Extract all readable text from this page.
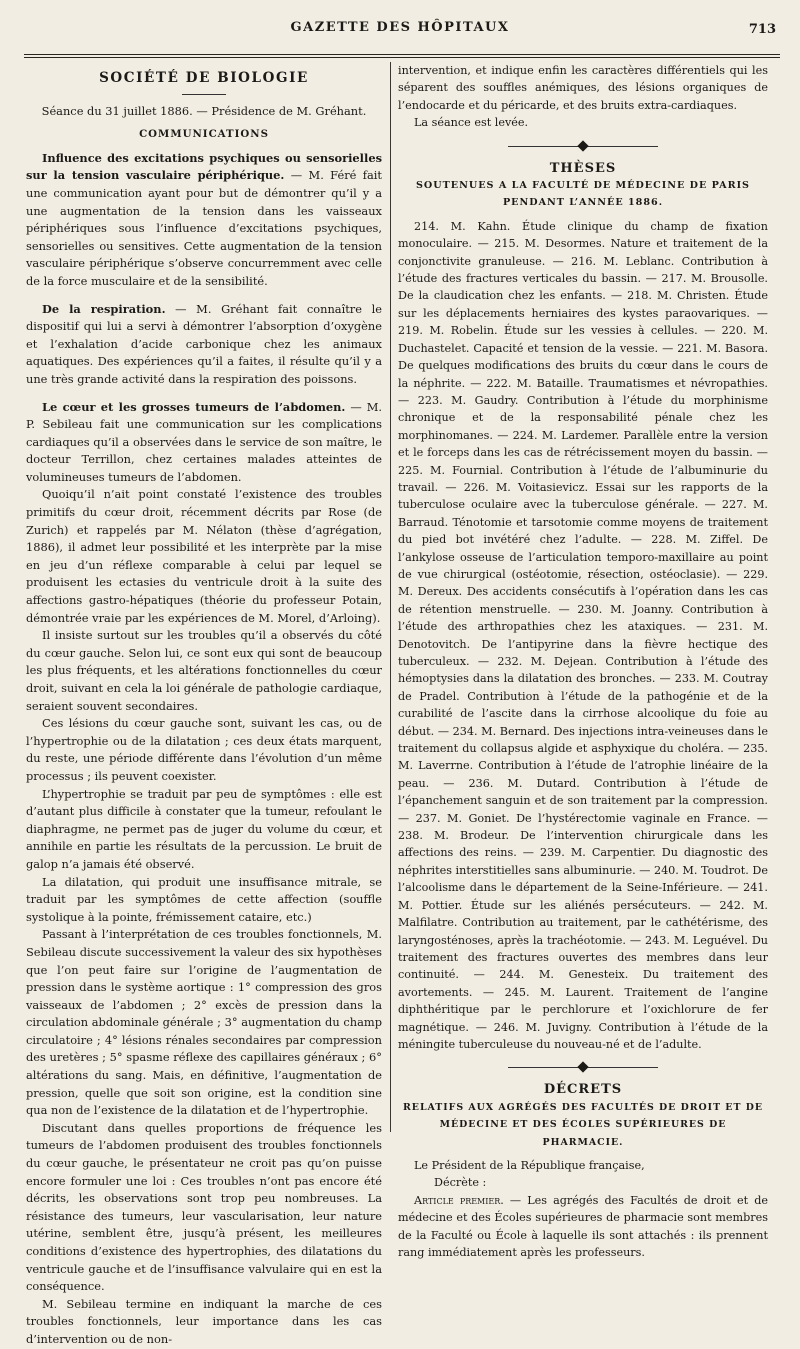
GAZETTE DES HÔPITAUX	713
SOCIÉTÉ DE BIOLOGIE

Séance du 31 juillet 1886. — Présidence de M. Gréhant.

COMMUNICATIONS

Influence des excitations psychiques ou sensorielles sur la tension vasculaire périphérique. — M. Féré fait une communication ayant pour but de démontrer qu’il y a une augmentation de la tension dans les vaisseaux périphériques sous l’influence d’excitations psychiques, sensorielles ou sensitives. Cette augmentation de la tension vasculaire périphérique s’observe concurremment avec celle de la force musculaire et de la sensibilité.

De la respiration. — M. Gréhant fait connaître le dispositif qui lui a servi à démontrer l’absorption d’oxygène et l’exhalation d’acide carbonique chez les animaux aquatiques. Des expériences qu’il a faites, il résulte qu’il y a une très grande activité dans la respiration des poissons.

Le cœur et les grosses tumeurs de l’abdomen. — M. P. Sebileau fait une communication sur les complications cardiaques qu’il a observées dans le service de son maître, le docteur Terrillon, chez certaines malades atteintes de volumineuses tumeurs de l’abdomen.

Quoiqu’il n’ait point constaté l’existence des troubles primitifs du cœur droit, récemment décrits par Rose (de Zurich) et rappelés par M. Nélaton (thèse d’agrégation, 1886), il admet leur possibilité et les interprète par la mise en jeu d’un réflexe comparable à celui par lequel se produisent les ectasies du ventricule droit à la suite des affections gastro-hépatiques (théorie du professeur Potain, démontrée vraie par les expériences de M. Morel, d’Arloing).

Il insiste surtout sur les troubles qu’il a observés du côté du cœur gauche. Selon lui, ce sont eux qui sont de beaucoup les plus fréquents, et les altérations fonctionnelles du cœur droit, suivant en cela la loi générale de pathologie cardiaque, seraient souvent secondaires.

Ces lésions du cœur gauche sont, suivant les cas, ou de l’hypertrophie ou de la dilatation ; ces deux états marquent, du reste, une période différente dans l’évolution d’un même processus ; ils peuvent coexister.

L’hypertrophie se traduit par peu de symptômes : elle est d’autant plus difficile à constater que la tumeur, refoulant le diaphragme, ne permet pas de juger du volume du cœur, et annihile en partie les résultats de la percussion. Le bruit de galop n’a jamais été observé.

La dilatation, qui produit une insuffisance mitrale, se traduit par les symptômes de cette affection (souffle systolique à la pointe, frémissement cataire, etc.)

Passant à l’interprétation de ces troubles fonctionnels, M. Sebileau discute successivement la valeur des six hypothèses que l’on peut faire sur l’origine de l’augmentation de pression dans le système aortique : 1° compression des gros vaisseaux de l’abdomen ; 2° excès de pression dans la circulation abdominale générale ; 3° augmentation du champ circulatoire ; 4° lésions rénales secondaires par compression des uretères ; 5° spasme réflexe des capillaires généraux ; 6° altérations du sang. Mais, en définitive, l’augmentation de pression, quelle que soit son origine, est la condition sine qua non de l’existence de la dilatation et de l’hypertrophie.

Discutant dans quelles proportions de fréquence les tumeurs de l’abdomen produisent des troubles fonctionnels du cœur gauche, le présentateur ne croit pas qu’on puisse encore formuler une loi : Ces troubles n’ont pas encore été décrits, les observations sont trop peu nombreuses. La résistance des tumeurs, leur vascularisation, leur nature utérine, semblent être, jusqu’à présent, les meilleures conditions d’existence des hypertrophies, des dilatations du ventricule gauche et de l’insuffisance valvulaire qui en est la conséquence.

M. Sebileau termine en indiquant la marche de ces troubles fonctionnels, leur importance dans les cas d’intervention ou de non-

intervention, et indique enfin les caractères différentiels qui les séparent des souffles anémiques, des lésions organiques de l’endocarde et du péricarde, et des bruits extra-cardiaques.

La séance est levée.

THÈSES

SOUTENUES A LA FACULTÉ DE MÉDECINE DE PARIS PENDANT L’ANNÉE 1886.

214. M. Kahn. Étude clinique du champ de fixation monoculaire. — 215. M. Desormes. Nature et traitement de la conjonctivite granuleuse. — 216. M. Leblanc. Contribution à l’étude des fractures verticales du bassin. — 217. M. Brousolle. De la claudication chez les enfants. — 218. M. Christen. Étude sur les déplacements herniaires des kystes paraovariques. — 219. M. Robelin. Étude sur les vessies à cellules. — 220. M. Duchastelet. Capacité et tension de la vessie. — 221. M. Basora. De quelques modifications des bruits du cœur dans le cours de la néphrite. — 222. M. Bataille. Traumatismes et névropathies. — 223. M. Gaudry. Contribution à l’étude du morphinisme chronique et de la responsabilité pénale chez les morphinomanes. — 224. M. Lardemer. Parallèle entre la version et le forceps dans les cas de rétrécissement moyen du bassin. — 225. M. Fournial. Contribution à l’étude de l’albuminurie du travail. — 226. M. Voitasievicz. Essai sur les rapports de la tuberculose oculaire avec la tuberculose générale. — 227. M. Barraud. Ténotomie et tarsotomie comme moyens de traitement du pied bot invétéré chez l’adulte. — 228. M. Ziffel. De l’ankylose osseuse de l’articulation temporo-maxillaire au point de vue chirurgical (ostéotomie, résection, ostéoclasie). — 229. M. Dereux. Des accidents consécutifs à l’opération dans les cas de rétention menstruelle. — 230. M. Joanny. Contribution à l’étude des arthropathies chez les ataxiques. — 231. M. Denotovitch. De l’antipyrine dans la fièvre hectique des tuberculeux. — 232. M. Dejean. Contribution à l’étude des hémoptysies dans la dilatation des bronches. — 233. M. Coutray de Pradel. Contribution à l’étude de la pathogénie et de la curabilité de l’ascite dans la cirrhose alcoolique du foie au début. — 234. M. Bernard. Des injections intra-veineuses dans le traitement du collapsus algide et asphyxique du choléra. — 235. M. Laverrne. Contribution à l’étude de l’atrophie linéaire de la peau. — 236. M. Dutard. Contribution à l’étude de l’épanchement sanguin et de son traitement par la compression. — 237. M. Goniet. De l’hystérectomie vaginale en France. — 238. M. Brodeur. De l’intervention chirurgicale dans les affections des reins. — 239. M. Carpentier. Du diagnostic des néphrites interstitielles sans albuminurie. — 240. M. Toudrot. De l’alcoolisme dans le département de la Seine-Inférieure. — 241. M. Pottier. Étude sur les aliénés persécuteurs. — 242. M. Malfilatre. Contribution au traitement, par le cathétérisme, des laryngosténoses, après la trachéotomie. — 243. M. Leguével. Du traitement des fractures ouvertes des membres dans leur continuité. — 244. M. Genesteix. Du traitement des avortements. — 245. M. Laurent. Traitement de l’angine diphthéritique par le perchlorure et l’oxichlorure de fer magnétique. — 246. M. Juvigny. Contribution à l’étude de la méningite tuberculeuse du nouveau-né et de l’adulte.

DÉCRETS

RELATIFS AUX AGRÉGÉS DES FACULTÉS DE DROIT ET DE MÉDECINE ET DES ÉCOLES SUPÉRIEURES DE PHARMACIE.

Le Président de la République française,

Décrète :

Article premier. — Les agrégés des Facultés de droit et de médecine et des Écoles supérieures de pharmacie sont membres de la Faculté ou École à laquelle ils sont attachés : ils prennent rang immédiatement après les professeurs.
